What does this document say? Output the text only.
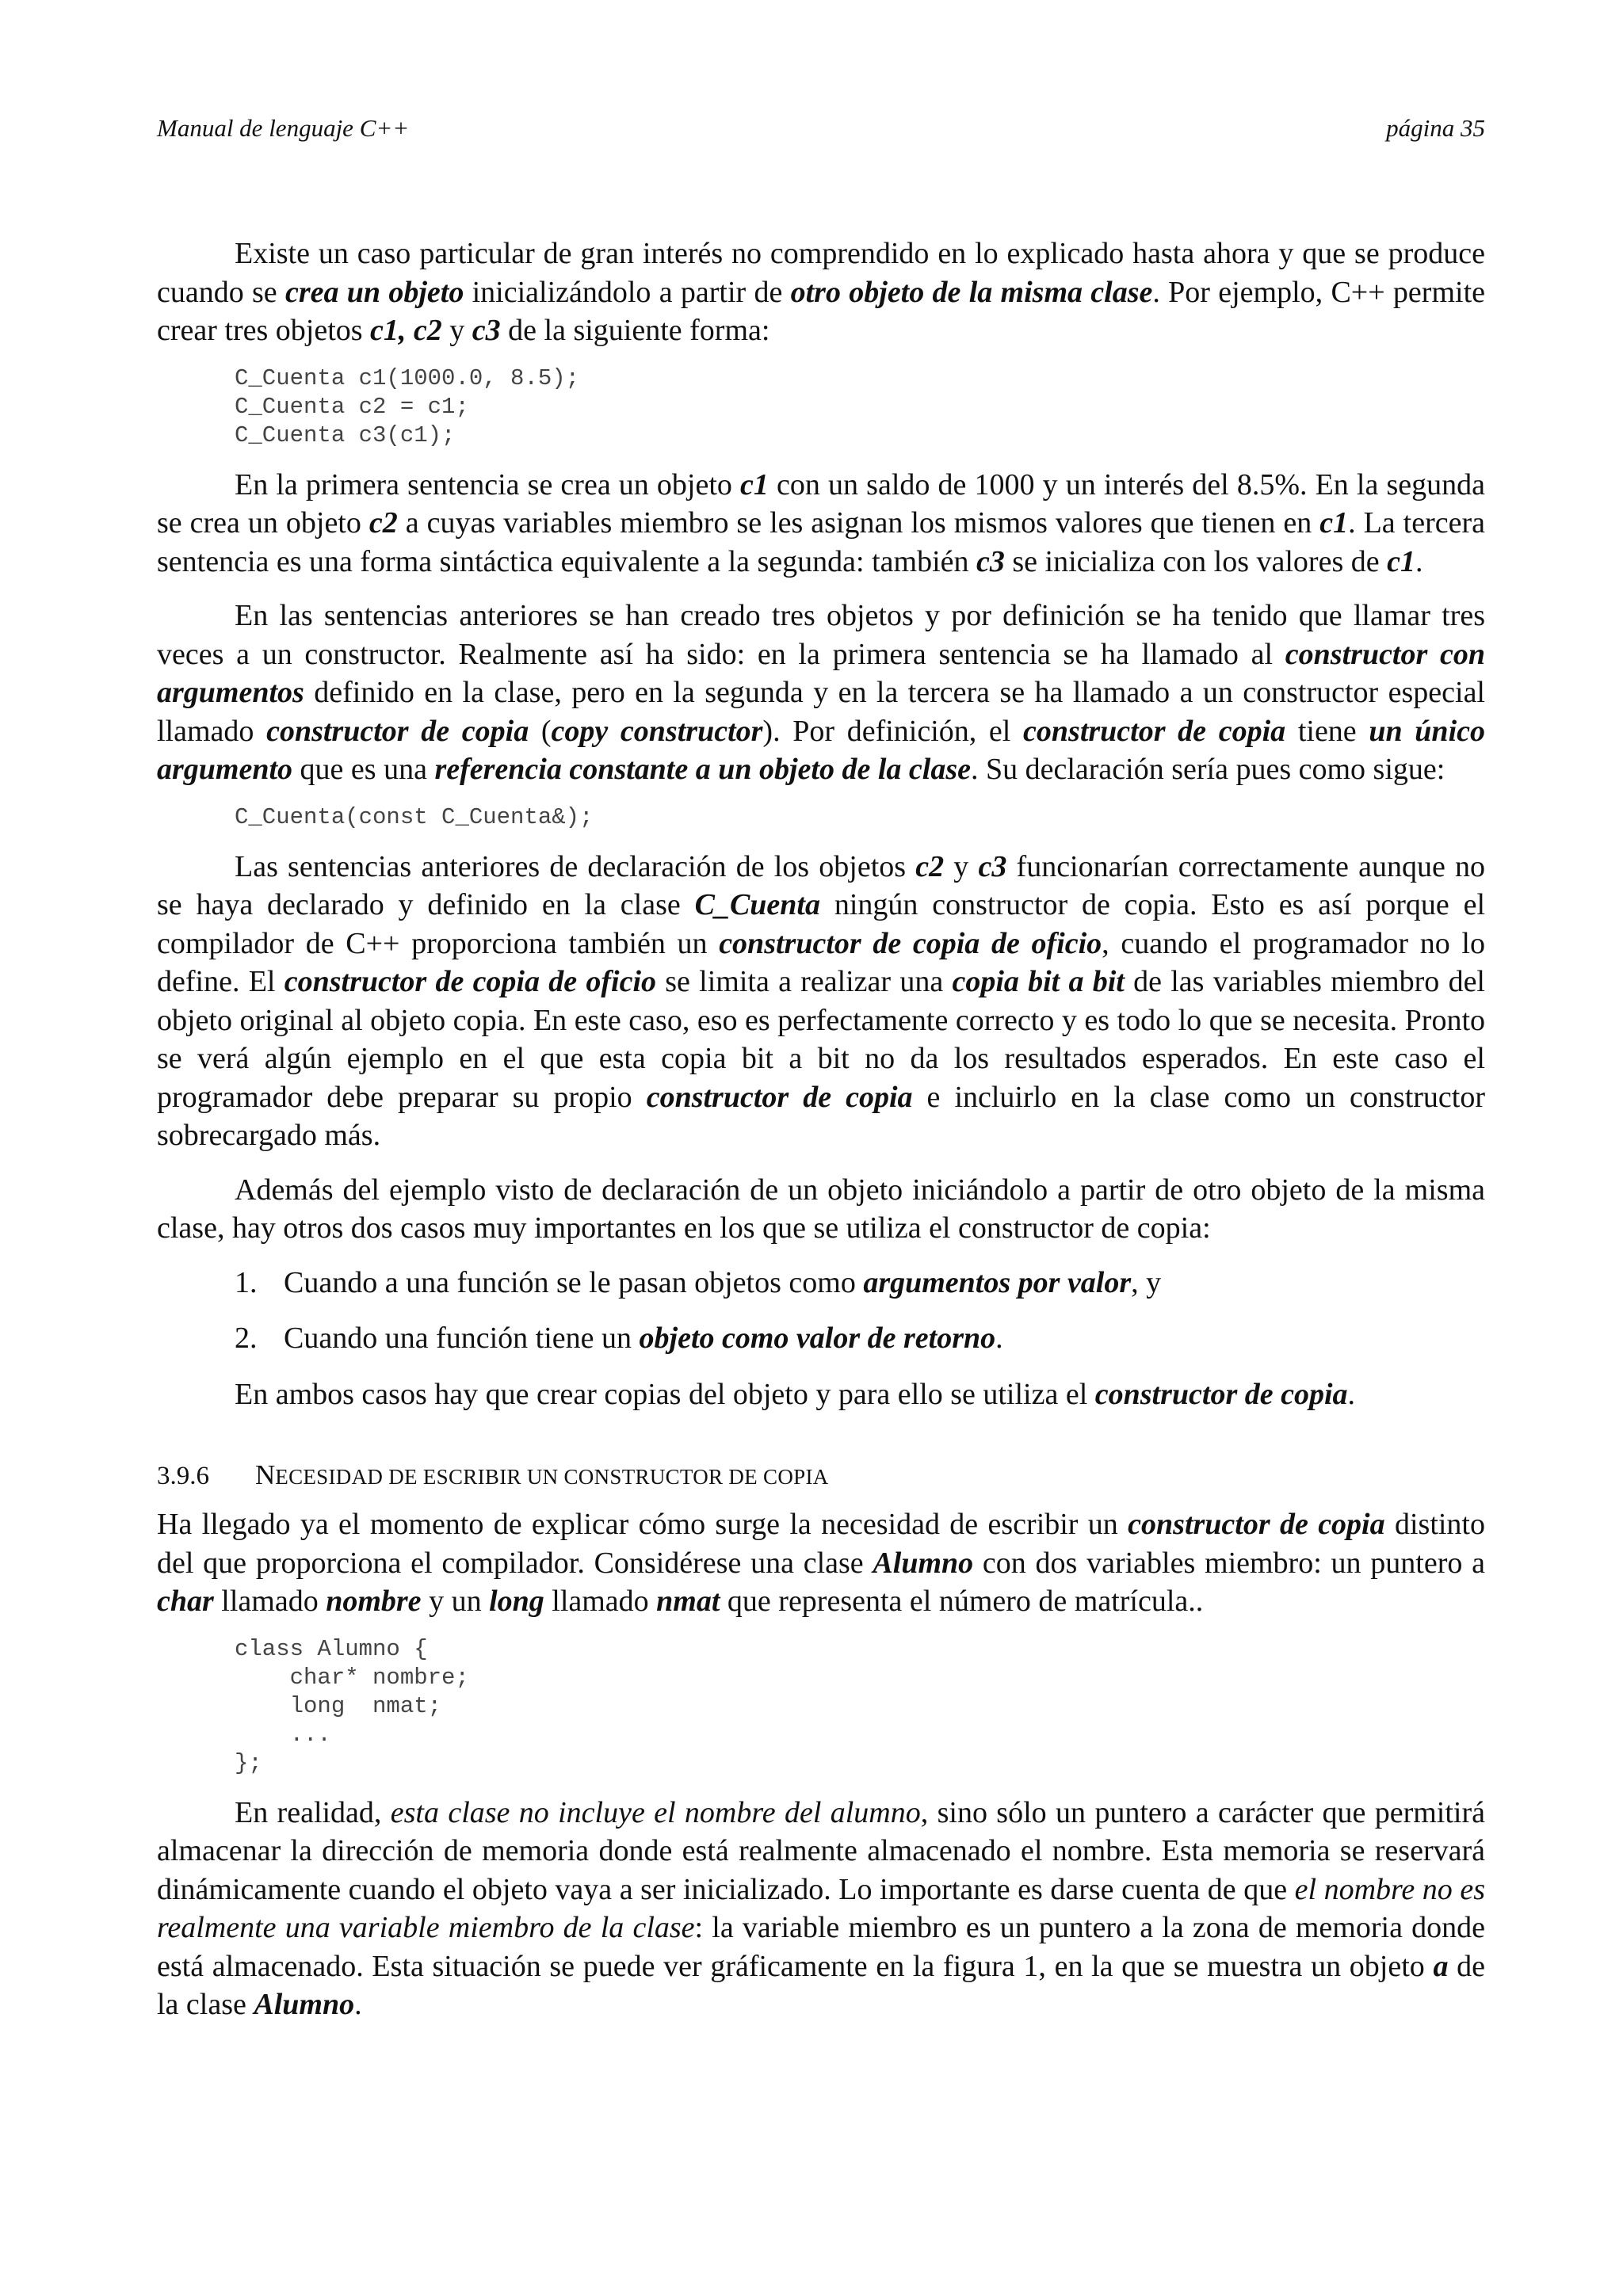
Manual de lenguaje C++	página 35

Existe un caso particular de gran interés no comprendido en lo explicado hasta ahora y que se produce cuando se crea un objeto inicializándolo a partir de otro objeto de la misma clase. Por ejemplo, C++ permite crear tres objetos c1, c2 y c3 de la siguiente forma:

C_Cuenta c1(1000.0, 8.5);
C_Cuenta c2 = c1;
C_Cuenta c3(c1);

En la primera sentencia se crea un objeto c1 con un saldo de 1000 y un interés del 8.5%. En la segunda se crea un objeto c2 a cuyas variables miembro se les asignan los mismos valores que tienen en c1. La tercera sentencia es una forma sintáctica equivalente a la segunda: también c3 se inicializa con los valores de c1.

En las sentencias anteriores se han creado tres objetos y por definición se ha tenido que llamar tres veces a un constructor. Realmente así ha sido: en la primera sentencia se ha llamado al constructor con argumentos definido en la clase, pero en la segunda y en la tercera se ha llamado a un constructor especial llamado constructor de copia (copy constructor). Por definición, el constructor de copia tiene un único argumento que es una referencia constante a un objeto de la clase. Su declaración sería pues como sigue:

C_Cuenta(const C_Cuenta&);

Las sentencias anteriores de declaración de los objetos c2 y c3 funcionarían correctamente aunque no se haya declarado y definido en la clase C_Cuenta ningún constructor de copia. Esto es así porque el compilador de C++ proporciona también un constructor de copia de oficio, cuando el programador no lo define. El constructor de copia de oficio se limita a realizar una copia bit a bit de las variables miembro del objeto original al objeto copia. En este caso, eso es perfectamente correcto y es todo lo que se necesita. Pronto se verá algún ejemplo en el que esta copia bit a bit no da los resultados esperados. En este caso el programador debe preparar su propio constructor de copia e incluirlo en la clase como un constructor sobrecargado más.

Además del ejemplo visto de declaración de un objeto iniciándolo a partir de otro objeto de la misma clase, hay otros dos casos muy importantes en los que se utiliza el constructor de copia:

1. Cuando a una función se le pasan objetos como argumentos por valor, y
2. Cuando una función tiene un objeto como valor de retorno.

En ambos casos hay que crear copias del objeto y para ello se utiliza el constructor de copia.

3.9.6 NECESIDAD DE ESCRIBIR UN CONSTRUCTOR DE COPIA

Ha llegado ya el momento de explicar cómo surge la necesidad de escribir un constructor de copia distinto del que proporciona el compilador. Considérese una clase Alumno con dos variables miembro: un puntero a char llamado nombre y un long llamado nmat que representa el número de matrícula..

class Alumno {
char* nombre;
long  nmat;
...
};

En realidad, esta clase no incluye el nombre del alumno, sino sólo un puntero a carácter que permitirá almacenar la dirección de memoria donde está realmente almacenado el nombre. Esta memoria se reservará dinámicamente cuando el objeto vaya a ser inicializado. Lo importante es darse cuenta de que el nombre no es realmente una variable miembro de la clase: la variable miembro es un puntero a la zona de memoria donde está almacenado. Esta situación se puede ver gráficamente en la figura 1, en la que se muestra un objeto a de la clase Alumno.
